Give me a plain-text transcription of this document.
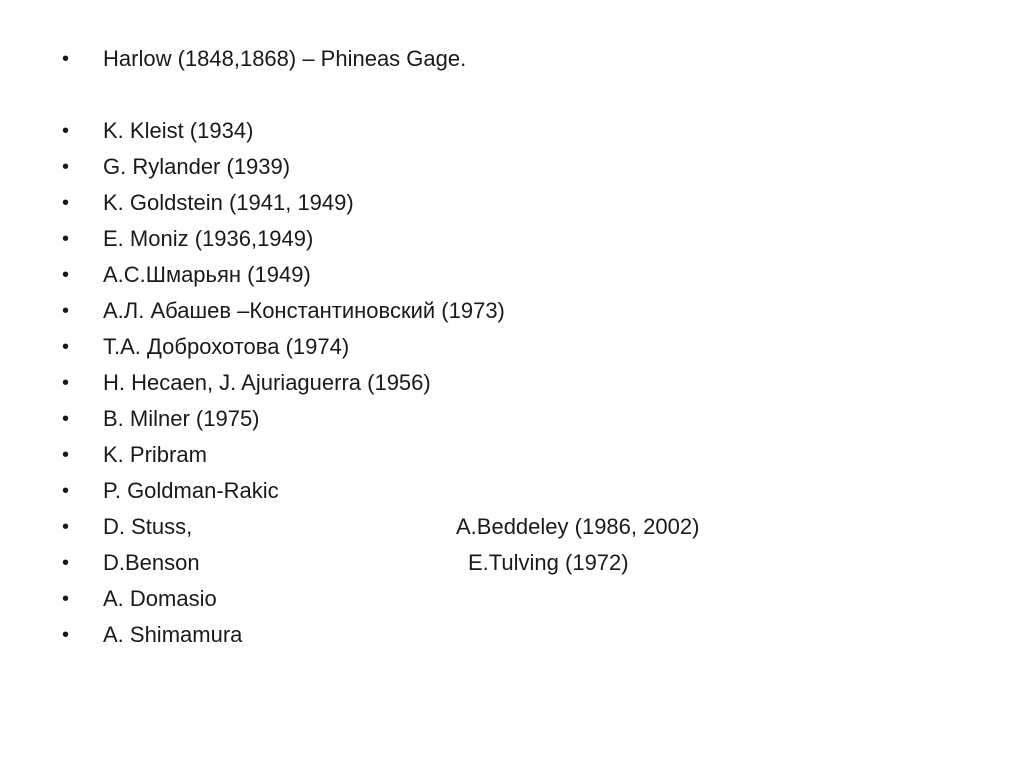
•	Harlow (1848,1868) – Phineas Gage.
•	K. Kleist (1934)
•	G. Rylander (1939)
•	K. Goldstein (1941, 1949)
•	E. Moniz (1936,1949)
•	А.С.Шмарьян (1949)
•	А.Л. Абашев –Константиновский (1973)
•	Т.А. Доброхотова (1974)
•	H. Hecaen, J. Ajuriaguerra (1956)
•	B. Milner (1975)
•	K. Pribram
•	P. Goldman-Rakic
•	D. Stuss,	A.Beddeley (1986, 2002)
•	D.Benson	E.Tulving (1972)
•	A. Domasio
•	A. Shimamura
